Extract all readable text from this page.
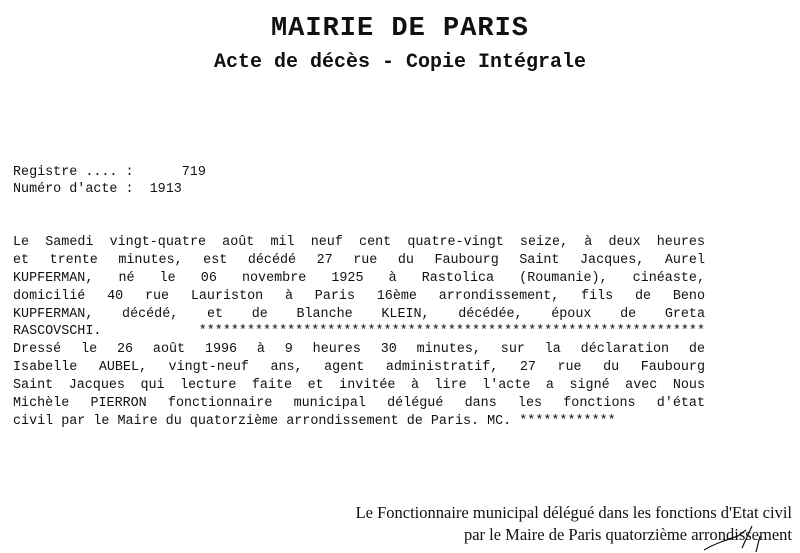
MAIRIE DE PARIS
Acte de décès - Copie Intégrale
Registre .... :	719
Numéro d'acte : 1913
Le Samedi vingt-quatre août mil neuf cent quatre-vingt seize, à deux heures
et trente minutes, est décédé 27 rue du Faubourg Saint Jacques, Aurel
KUPFERMAN, né le 06 novembre 1925 à Rastolica (Roumanie), cinéaste,
domicilié 40 rue Lauriston à Paris 16ème arrondissement, fils de Beno
KUPFERMAN, décédé, et de Blanche KLEIN, décédée, époux de Greta
RASCOVSCHI. ***************************************************************
Dressé le 26 août 1996 à 9 heures 30 minutes, sur la déclaration de
Isabelle AUBEL, vingt-neuf ans, agent administratif, 27 rue du Faubourg
Saint Jacques qui lecture faite et invitée à lire l'acte a signé avec Nous
Michèle PIERRON fonctionnaire municipal délégué dans les fonctions d'état
civil par le Maire du quatorzième arrondissement de Paris. MC. ************
Le Fonctionnaire municipal délégué dans les fonctions d'Etat civil
par le Maire de Paris quatorzième arrondissement
